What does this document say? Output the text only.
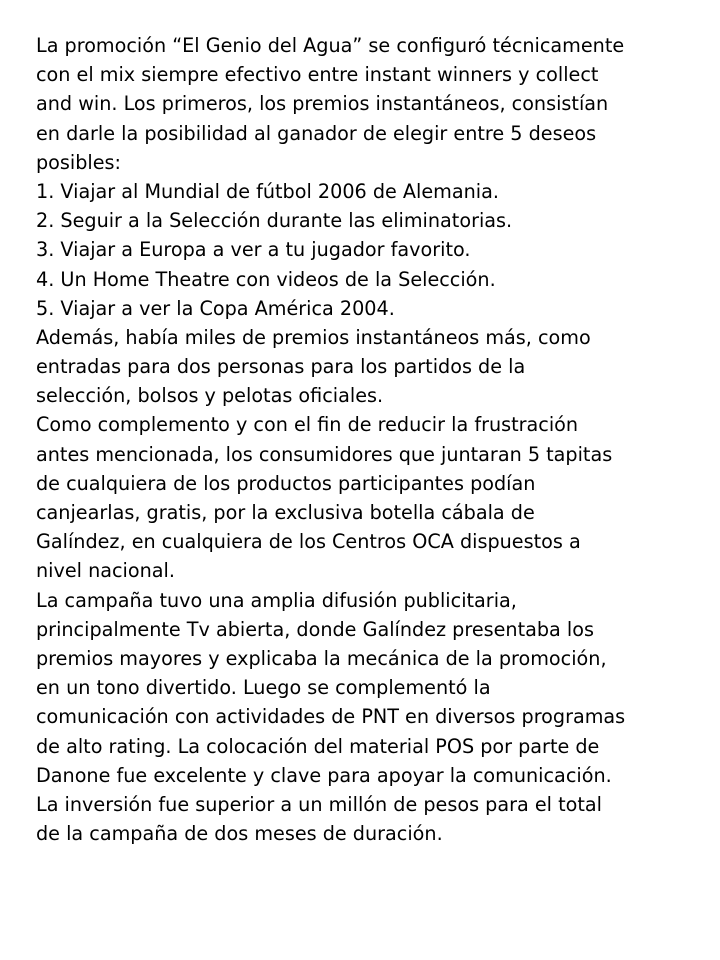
La promoción “El Genio del Agua” se configuró técnicamente
con el mix siempre efectivo entre instant winners y collect
and win. Los primeros, los premios instantáneos, consistían
en darle la posibilidad al ganador de elegir entre 5 deseos
posibles:
1. Viajar al Mundial de fútbol 2006 de Alemania.
2. Seguir a la Selección durante las eliminatorias.
3. Viajar a Europa a ver a tu jugador favorito.
4. Un Home Theatre con videos de la Selección.
5. Viajar a ver la Copa América 2004.
Además, había miles de premios instantáneos más, como
entradas para dos personas para los partidos de la
selección, bolsos y pelotas oficiales.
Como complemento y con el fin de reducir la frustración
antes mencionada, los consumidores que juntaran 5 tapitas
de cualquiera de los productos participantes podían
canjearlas, gratis, por la exclusiva botella cábala de
Galíndez, en cualquiera de los Centros OCA dispuestos a
nivel nacional.
La campaña tuvo una amplia difusión publicitaria,
principalmente Tv abierta, donde Galíndez presentaba los
premios mayores y explicaba la mecánica de la promoción,
en un tono divertido. Luego se complementó la
comunicación con actividades de PNT en diversos programas
de alto rating. La colocación del material POS por parte de
Danone fue excelente y clave para apoyar la comunicación.
La inversión fue superior a un millón de pesos para el total
de la campaña de dos meses de duración.
